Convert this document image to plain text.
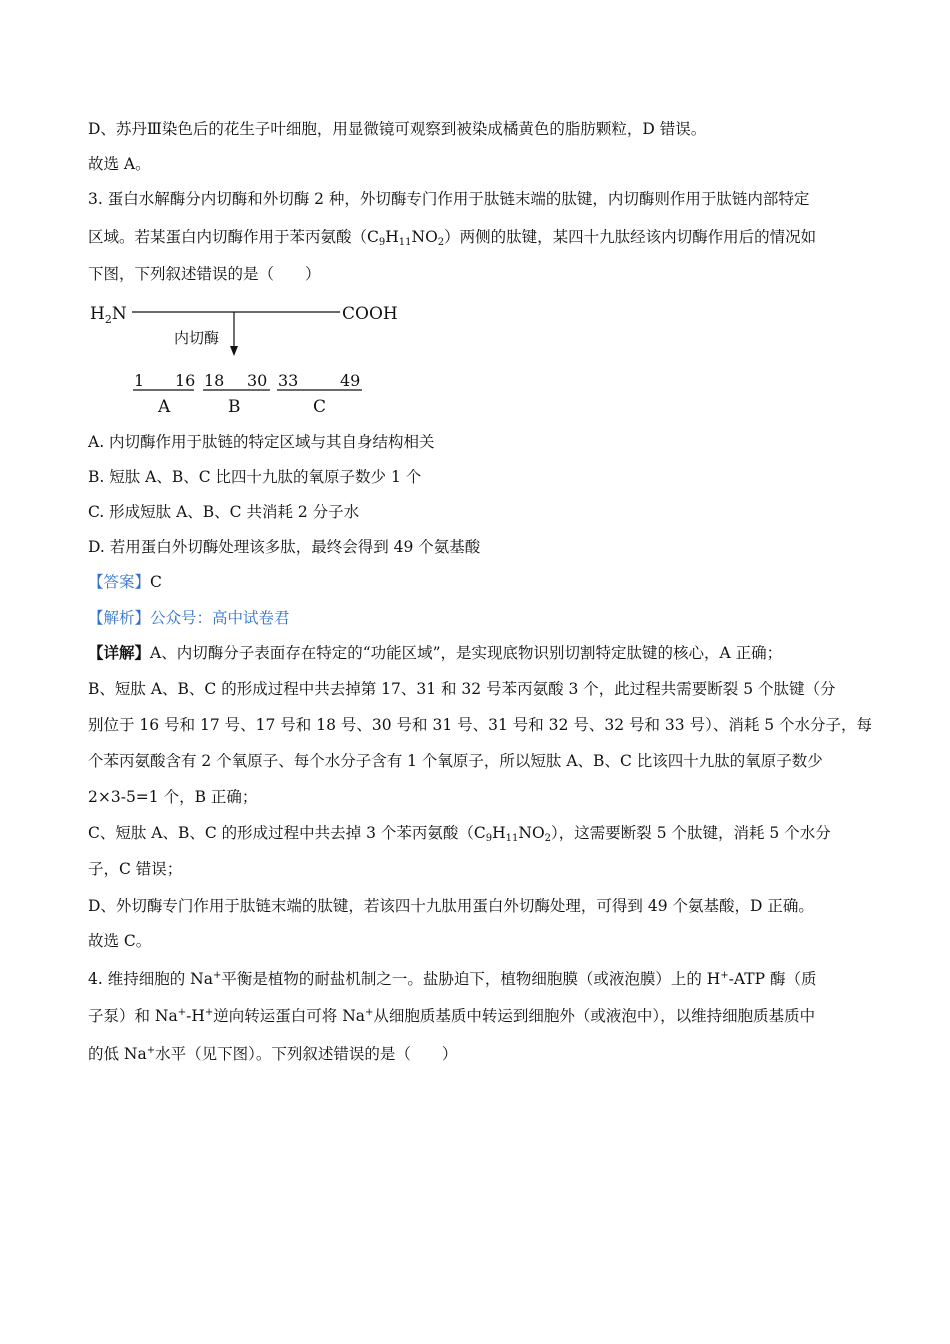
D、苏丹Ⅲ染色后的花生子叶细胞，用显微镜可观察到被染成橘黄色的脂肪颗粒，D 错误。
故选 A。
3. 蛋白水解酶分内切酶和外切酶 2 种，外切酶专门作用于肽链末端的肽键，内切酶则作用于肽链内部特定
区域。若某蛋白内切酶作用于苯丙氨酸$(C_9H_{11}NO_2)$两侧的肽键，某四十九肽经该内切酶作用后的情况如
下图，下列叙述错误的是（　　）
$H_2N$	COOH
内切酶
1 16 18 30 33	49
A	B	C
A. 内切酶作用于肽链的特定区域与其自身结构相关
B. 短肽 A、B、C 比四十九肽的氧原子数少 1 个
C. 形成短肽 A、B、C 共消耗 2 分子水
D. 若用蛋白外切酶处理该多肽，最终会得到 49 个氨基酸
【答案】C
【解析】公众号：高中试卷君
【详解】A、内切酶分子表面存在特定的“功能区域”，是实现底物识别切割特定肽键的核心，A 正确；
B、短肽 A、B、C 的形成过程中共去掉第 17、31 和 32 号苯丙氨酸 3 个，此过程共需要断裂 5 个肽键（分
别位于 16 号和 17 号、17 号和 18 号、30 号和 31 号、31 号和 32 号、32 号和 33 号）、消耗 5 个水分子，每
个苯丙氨酸含有 2 个氧原子、每个水分子含有 1 个氧原子，所以短肽 A、B、C 比该四十九肽的氧原子数少
2×3-5=1 个，B 正确；
C、短肽 A、B、C 的形成过程中共去掉 3 个苯丙氨酸$(C_9H_{11}NO_2)$，这需要断裂 5 个肽键，消耗 5 个水分
子，C 错误；
D、外切酶专门作用于肽链末端的肽键，若该四十九肽用蛋白外切酶处理，可得到 49 个氨基酸，D 正确。
故选 C。
4. 维持细胞的 Na+平衡是植物的耐盐机制之一。盐胁迫下，植物细胞膜（或液泡膜）上的 H+-ATP 酶（质
子泵）和 Na+-H+逆向转运蛋白可将 Na+从细胞质基质中转运到细胞外（或液泡中），以维持细胞质基质中
的低 Na+水平（见下图）。下列叙述错误的是（　　）
